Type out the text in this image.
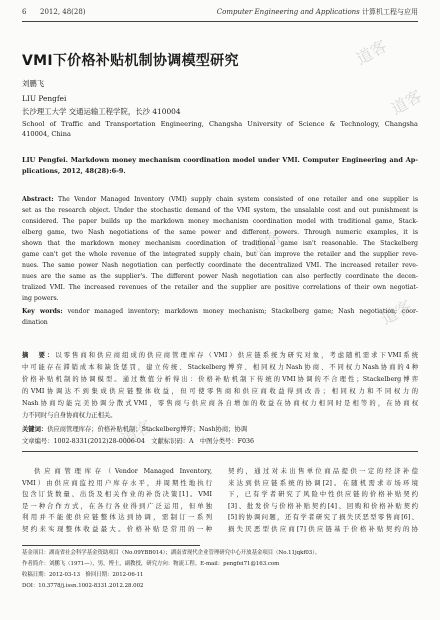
6 2012, 48(28)	Computer Engineering and Applications 计算机工程与应用
道客
道客
道客
道客
道客
VMI下价格补贴机制协调模型研究
刘鹏飞
LIU Pengfei
长沙理工大学 交通运输工程学院，长沙 410004
School of Traffic and Transportation Engineering, Changsha University of Science & Technology, Changsha
410004, China
LIU Pengfei. Markdown money mechanism coordination model under VMI. Computer Engineering and Ap-
plications, 2012, 48(28):6-9.
Abstract: The Vendor Managed Inventory (VMI) supply chain system consisted of one retailer and one supplier is
set as the research object. Under the stochastic demand of the VMI system, the unsalable cost and out punishment is
considered. The paper builds up the markdown money mechanism coordination model with traditional game, Stack-
elberg game, two Nash negotiations of the same power and different powers. Through numeric examples, it is
shown that the markdown money mechanism coordination of traditional game isn't reasonable. The Stackelberg
game can't get the whole revenue of the integrated supply chain, but can improve the retailer and the supplier reve-
nues. The same power Nash negotiation can perfectly coordinate the decentralized VMI. The increased retailer reve-
nues are the same as the supplier's. The different power Nash negotiation can also perfectly coordinate the decen-
tralized VMI. The increased revenues of the retailer and the supplier are positive correlations of their own negotiat-
ing powers.
Key words: vendor managed inventory; markdown money mechanism; Stackelberg game; Nash negotiation; coor-
dination
摘　要：以零售商和供应商组成的供应商管理库存（VMI）供应链系统为研究对象，考虑随机需求下VMI系统
中可能存在滞销成本和缺货惩罚，建立传统、Stackelberg博弈、相同权力Nash协商、不同权力Nash协商的4种
价格补贴机制的协调模型。通过数值分析得出：价格补贴机制下传统的VMI协调的不合理性；Stackelberg博弈
的VMI协调达不到集成供应链整体收益，但可使零售商和供应商收益得到改善；相同权力和不同权力的
Nash协商均能完美协调分散式VMI，零售商与供应商各自增加的收益在协商权力相同时是相等的，在协商权
力不同时与自身协商权力正相关。
关键词：供应商管理库存；价格补贴机制；Stackelberg博弈；Nash协商；协调
文章编号：1002-8331(2012)28-0006-04　文献标识码：A　中图分类号：F036
供应商管理库存（Vendor Managed Inventory,
VMI）由供应商监控用户库存水平，并周期性地执行
包含订货数量、出货及相关作业的补货决策[1]。VMI
是一种合作方式，在各行各业得到广泛运用，但单独
利用并不能使供应链整体达到协调，需制订一系列
契约来实现整体收益最大。价格补贴是常用的一种
契约，通过对未出售单位商品提供一定的经济补偿
来达到供应链系统的协调[2]。在随机需求市场环境
下，已有学者研究了风险中性供应链的价格补贴契约
[3]、批发价与价格补贴契约[4]、回购和价格补贴契约
[5]的协调问题，还有学者研究了损失厌恶型零售商[6]、
损失厌恶型供应商[7]供应链基于价格补贴契约的协
基金项目：湖南省社会科学基金资助项目（No.09YBB014）；湖南省现代企业管理研究中心开放基金项目（No.11jqkf03）。
作者简介：刘鹏飞（1971—），男，博士，副教授，研究方向：物流工程。E-mail：pengfei71@163.com
收稿日期：2012-03-13　修回日期：2012-06-11
DOI：10.3778/j.issn.1002-8331.2012.28.002
